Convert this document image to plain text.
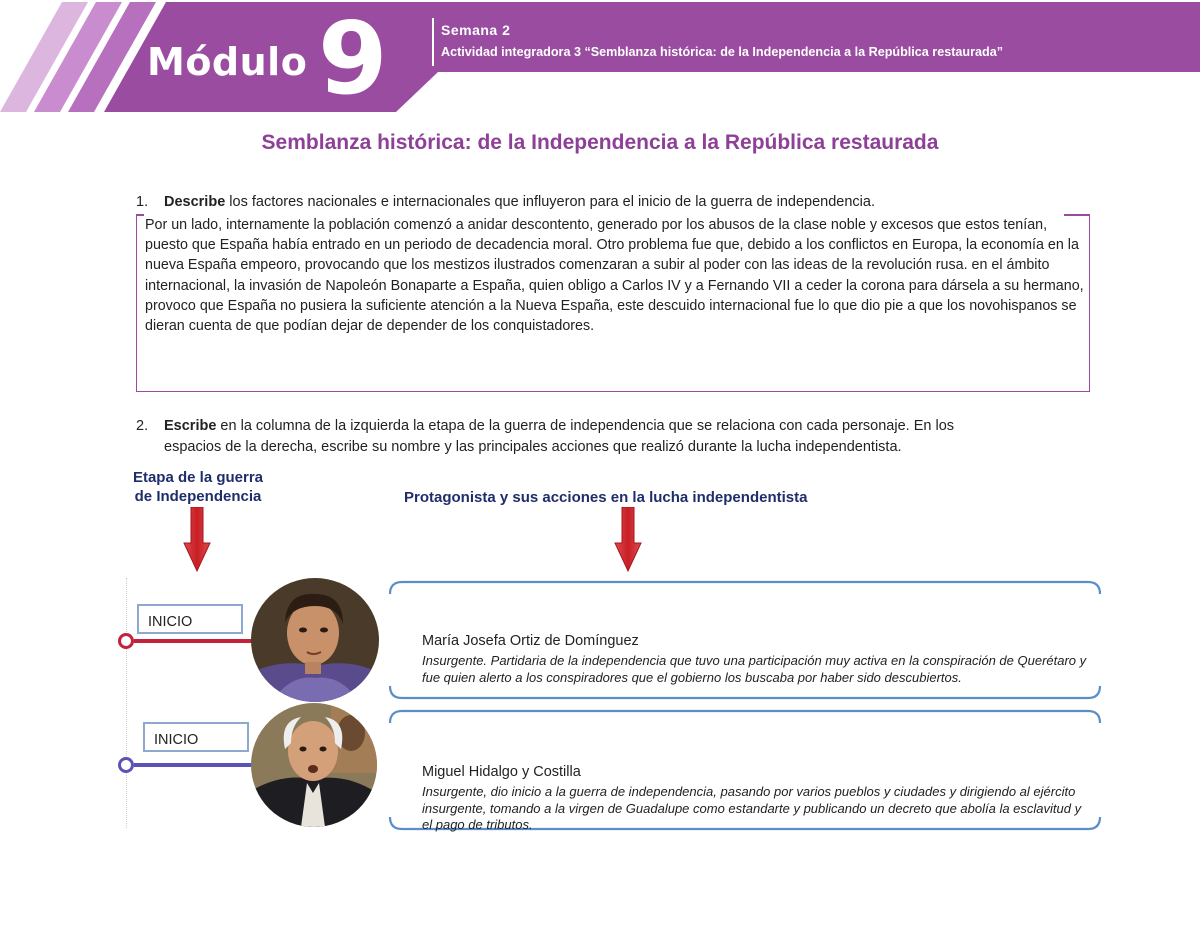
Módulo 9	Semana 2
Actividad integradora 3 “Semblanza histórica: de la Independencia a la República restaurada”
Semblanza histórica: de la Independencia a la República restaurada
1. Describe los factores nacionales e internacionales que influyeron para el inicio de la guerra de independencia.
Por un lado, internamente la población comenzó a anidar descontento, generado por los abusos de la clase noble y excesos que estos tenían, puesto que España había entrado en un periodo de decadencia moral. Otro problema fue que, debido a los conflictos en Europa, la economía en la nueva España empeoro, provocando que los mestizos ilustrados comenzaran a subir al poder con las ideas de la revolución rusa. en el ámbito internacional, la invasión de Napoleón Bonaparte a España, quien obligo a Carlos IV y a Fernando VII a ceder la corona para dársela a su hermano, provoco que España no pusiera la suficiente atención a la Nueva España, este descuido internacional fue lo que dio pie a que los novohispanos se dieran cuenta de que podían dejar de depender de los conquistadores.
2. Escribe en la columna de la izquierda la etapa de la guerra de independencia que se relaciona con cada personaje. En los
espacios de la derecha, escribe su nombre y las principales acciones que realizó durante la lucha independentista.
Etapa de la guerra
de Independencia	Protagonista y sus acciones en la lucha independentista
INICIO
María Josefa Ortiz de Domínguez
Insurgente. Partidaria de la independencia que tuvo una participación muy activa en la conspiración de Querétaro y fue quien alerto a los conspiradores que el gobierno los buscaba por haber sido descubiertos.
INICIO
Miguel Hidalgo y Costilla
Insurgente, dio inicio a la guerra de independencia, pasando por varios pueblos y ciudades y dirigiendo al ejército insurgente, tomando a la virgen de Guadalupe como estandarte y publicando un decreto que abolía la esclavitud y el pago de tributos.
